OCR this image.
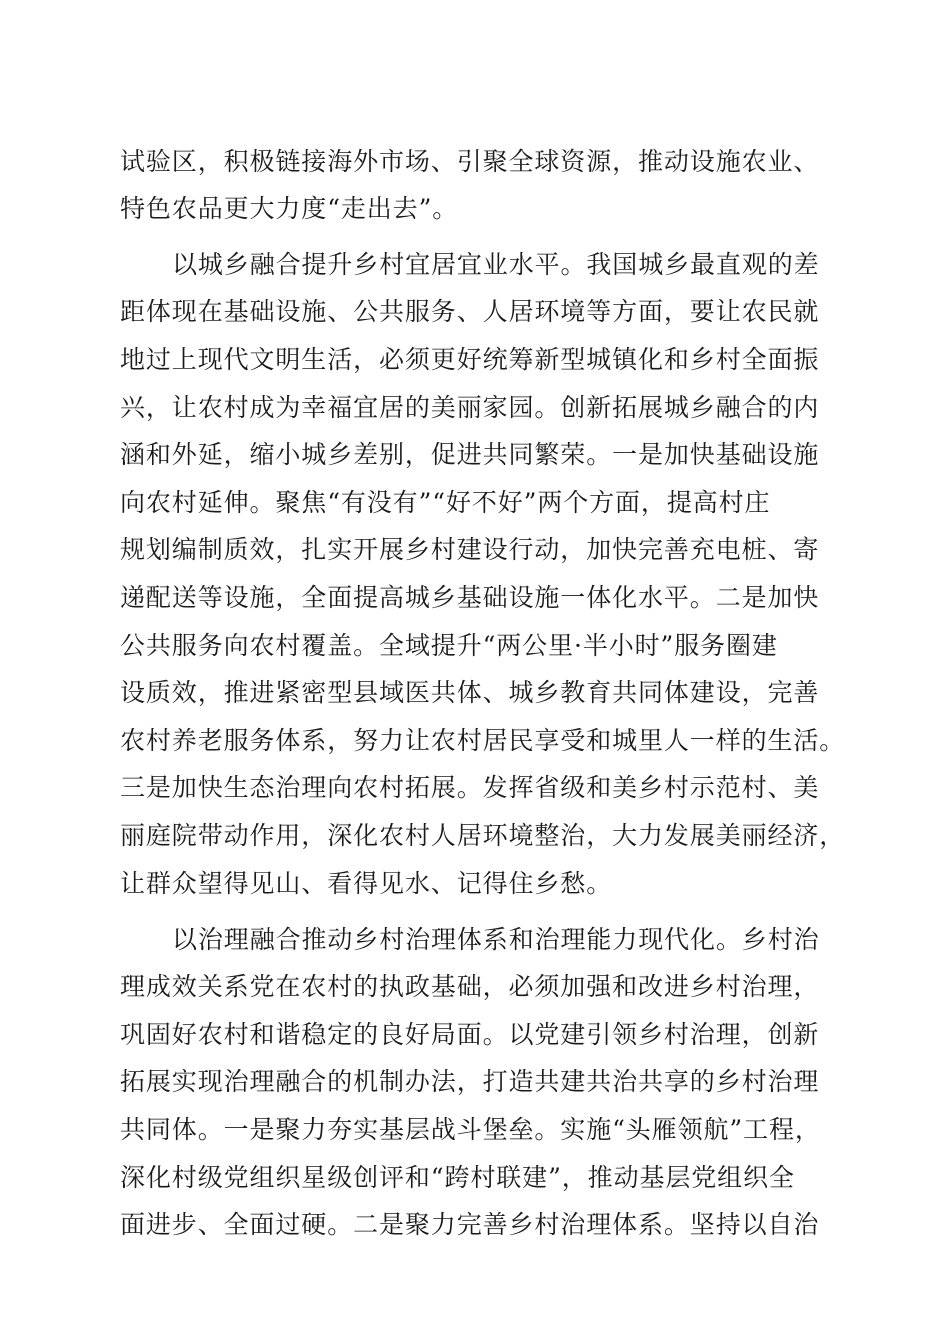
试验区，积极链接海外市场、引聚全球资源，推动设施农业、
特色农品更大力度“走出去”。
以城乡融合提升乡村宜居宜业水平。我国城乡最直观的差
距体现在基础设施、公共服务、人居环境等方面，要让农民就
地过上现代文明生活，必须更好统筹新型城镇化和乡村全面振
兴，让农村成为幸福宜居的美丽家园。创新拓展城乡融合的内
涵和外延，缩小城乡差别，促进共同繁荣。一是加快基础设施
向农村延伸。聚焦“有没有”“好不好”两个方面，提高村庄
规划编制质效，扎实开展乡村建设行动，加快完善充电桩、寄
递配送等设施，全面提高城乡基础设施一体化水平。二是加快
公共服务向农村覆盖。全域提升“两公里·半小时”服务圈建
设质效，推进紧密型县域医共体、城乡教育共同体建设，完善
农村养老服务体系，努力让农村居民享受和城里人一样的生活。
三是加快生态治理向农村拓展。发挥省级和美乡村示范村、美
丽庭院带动作用，深化农村人居环境整治，大力发展美丽经济，
让群众望得见山、看得见水、记得住乡愁。
以治理融合推动乡村治理体系和治理能力现代化。乡村治
理成效关系党在农村的执政基础，必须加强和改进乡村治理，
巩固好农村和谐稳定的良好局面。以党建引领乡村治理，创新
拓展实现治理融合的机制办法，打造共建共治共享的乡村治理
共同体。一是聚力夯实基层战斗堡垒。实施“头雁领航”工程，
深化村级党组织星级创评和“跨村联建”，推动基层党组织全
面进步、全面过硬。二是聚力完善乡村治理体系。坚持以自治
